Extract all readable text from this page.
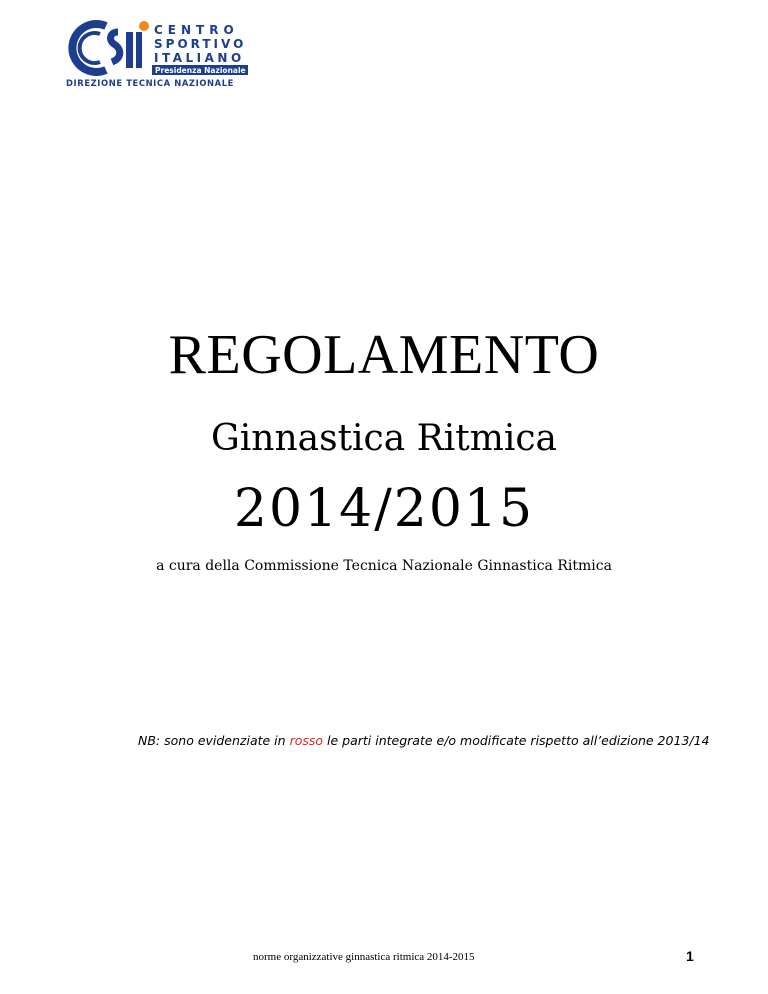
CENTRO
SPORTIVO
ITALIANO
Presidenza Nazionale
DIREZIONE TECNICA NAZIONALE
REGOLAMENTO
Ginnastica Ritmica
2014/2015
a cura della Commissione Tecnica Nazionale Ginnastica Ritmica
NB: sono evidenziate in rosso le parti integrate e/o modificate rispetto all’edizione 2013/14
norme organizzative ginnastica ritmica 2014-2015	1
